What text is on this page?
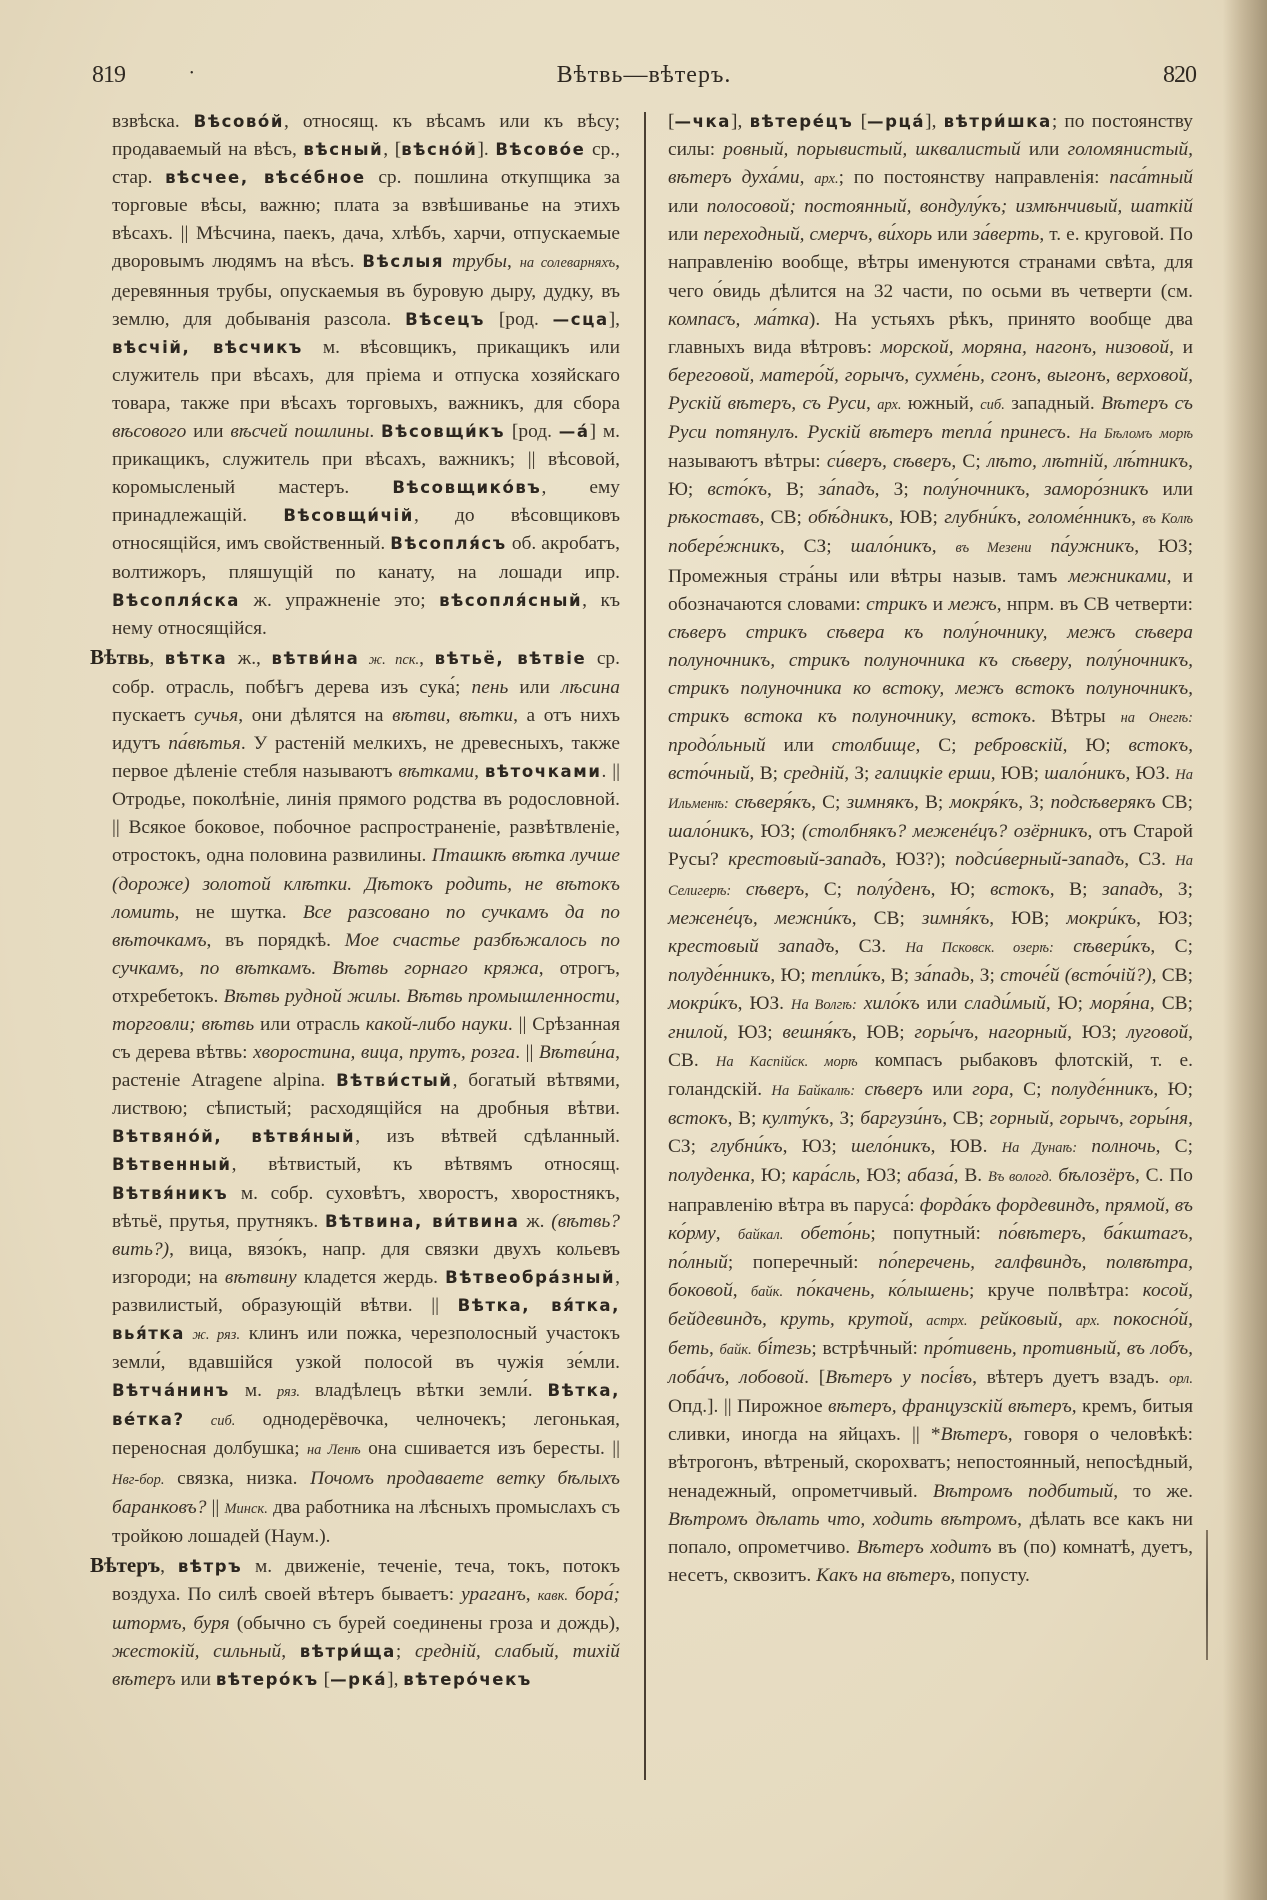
819	•	Вѣтвь—вѣтеръ.	820

взвѣска. Вѣсово́й, относящ. къ вѣсамъ или къ вѣсу; продаваемый на вѣсъ, вѣсный, [вѣсно́й]. Вѣсово́е ср., стар. вѣсчее, вѣсе́бное ср. пошлина откупщика за торговые вѣсы, важню; плата за взвѣшиванье на этихъ вѣсахъ. || Мѣсчина, паекъ, дача, хлѣбъ, харчи, отпускаемые дворовымъ людямъ на вѣсъ. Вѣслыя трубы, на солеварняхъ, деревянныя трубы, опускаемыя въ буровую дыру, дудку, въ землю, для добыванія разсола. Вѣсецъ [род. —сца], вѣсчій, вѣсчикъ м. вѣсовщикъ, прикащикъ или служитель при вѣсахъ, для пріема и отпуска хозяйскаго товара, также при вѣсахъ торговыхъ, важникъ, для сбора вѣсового или вѣсчей пошлины. Вѣсовщи́къ [род. —а́] м. прикащикъ, служитель при вѣсахъ, важникъ; || вѣсовой, коромысленый мастеръ. Вѣсовщико́въ, ему принадлежащій. Вѣсовщи́чій, до вѣсовщиковъ относящійся, имъ свойственный. Вѣсопля́съ об. акробатъ, волтижоръ, пляшущій по канату, на лошади ипр. Вѣсопля́ска ж. упражненіе это; вѣсопля́сный, къ нему относящійся.

Вѣтвь, вѣтка ж., вѣтви́на ж. пск., вѣтьё, вѣтвіе ср. собр. отрасль, побѣгъ дерева изъ сука́; пень или лѣсина пускаетъ сучья, они дѣлятся на вѣтви, вѣтки, а отъ нихъ идутъ па́вѣтья. У растеній мелкихъ, не древесныхъ, также первое дѣленіе стебля называютъ вѣтками, вѣточками. || Отродье, поколѣніе, линія прямого родства въ родословной. || Всякое боковое, побочное распространеніе, развѣтвленіе, отростокъ, одна половина развилины. Пташкѣ вѣтка лучше (дороже) золотой клѣтки. Дѣтокъ родить, не вѣтокъ ломить, не шутка. Все разсовано по сучкамъ да по вѣточкамъ, въ порядкѣ. Мое счастье разбѣжалось по сучкамъ, по вѣткамъ. Вѣтвь горнаго кряжа, отрогъ, отхребетокъ. Вѣтвь рудной жилы. Вѣтвь промышленности, торговли; вѣтвь или отрасль какой-либо науки. || Срѣзанная съ дерева вѣтвь: хворостина, вица, прутъ, розга. || Вѣтви́на, растеніе Atragene alpina. Вѣтви́стый, богатый вѣтвями, листвою; сѣпистый; расходящійся на дробныя вѣтви. Вѣтвяно́й, вѣтвя́ный, изъ вѣтвей сдѣланный. Вѣтвенный, вѣтвистый, къ вѣтвямъ относящ. Вѣтвя́никъ м. собр. суховѣтъ, хворостъ, хворостнякъ, вѣтьё, прутья, прутнякъ. Вѣтвина, ви́твина ж. (вѣтвь? вить?), вица, вязо́къ, напр. для связки двухъ кольевъ изгороди; на вѣтвину кладется жердь. Вѣтвеобра́зный, развилистый, образующій вѣтви. || Вѣтка, вя́тка, вья́тка ж. ряз. клинъ или пожка, черезполосный участокъ земли́, вдавшійся узкой полосой въ чужія зе́мли. Вѣтча́нинъ м. ряз. владѣлецъ вѣтки земли́. Вѣтка, ве́тка? сиб. однодерёвочка, челночекъ; легонькая, переносная долбушка; на Ленѣ она сшивается изъ бересты. || Нвг-бор. связка, низка. Почомъ продаваете ветку бѣлыхъ баранковъ? || Минск. два работника на лѣсныхъ промыслахъ съ тройкою лошадей (Наум.).

Вѣтеръ, вѣтръ м. движеніе, теченіе, теча, токъ, потокъ воздуха. По силѣ своей вѣтеръ бываетъ: ураганъ, кавк. бора́; штормъ, буря (обычно съ бурей соединены гроза и дождь), жестокій, сильный, вѣтри́ща; средній, слабый, тихій вѣтеръ или вѣтеро́къ [—рка́], вѣтеро́чекъ

[—чка], вѣтере́цъ [—рца́], вѣтри́шка; по постоянству силы: ровный, порывистый, шквалистый или голомянистый, вѣтеръ духа́ми, арх.; по постоянству направленія: паса́тный или полосовой; постоянный, вондулу́къ; измѣнчивый, шаткій или переходный, смерчъ, ви́хорь или за́верть, т. е. круговой. По направленію вообще, вѣтры именуются странами свѣта, для чего о́видь дѣлится на 32 части, по осьми въ четверти (см. компасъ, ма́тка). На устьяхъ рѣкъ, принято вообще два главныхъ вида вѣтровъ: морской, моряна, нагонъ, низовой, и береговой, матеро́й, горычъ, сухме́нь, сгонъ, выгонъ, верховой, Рускій вѣтеръ, съ Руси, арх. южный, сиб. западный. Вѣтеръ съ Руси потянулъ. Рускій вѣтеръ тепла́ принесъ. На Бѣломъ морѣ называютъ вѣтры: си́веръ, сѣверъ, С; лѣто, лѣтній, лѣ́тникъ, Ю; всто́къ, В; за́падъ, З; полу́ночникъ, заморо́зникъ или рѣкоставъ, СВ; обѣ́дникъ, ЮВ; глубни́къ, голоме́нникъ, въ Колѣ побере́жникъ, СЗ; шало́никъ, въ Мезени па́ужникъ, ЮЗ; Промежныя стра́ны или вѣтры назыв. тамъ межниками, и обозначаются словами: стрикъ и межъ, нпрм. въ СВ четверти: сѣверъ стрикъ сѣвера къ полу́ночнику, межъ сѣвера полуночникъ, стрикъ полуночника къ сѣверу, полу́ночникъ, стрикъ полуночника ко встоку, межъ встокъ полуночникъ, стрикъ встока къ полуночнику, встокъ. Вѣтры на Онегѣ: продо́льный или столбище, С; ребровскій, Ю; встокъ, всто́чный, В; средній, З; галицкіе ерши, ЮВ; шало́никъ, ЮЗ. На Ильменѣ: сѣверя́къ, С; зимнякъ, В; мокря́къ, З; подсѣверякъ СВ; шало́никъ, ЮЗ; (столбнякъ? меженéцъ? озёрникъ, отъ Старой Русы? крестовый-западъ, ЮЗ?); подси́верный-западъ, СЗ. На Селигерѣ: сѣверъ, С; полу́денъ, Ю; встокъ, В; западъ, З; межене́цъ, межни́къ, СВ; зимня́къ, ЮВ; мокри́къ, ЮЗ; крестовый западъ, СЗ. На Псковск. озерѣ: сѣвери́къ, С; полуде́нникъ, Ю; тепли́къ, В; за́падь, З; сточе́й (всто́чій?), СВ; мокри́къ, ЮЗ. На Волгѣ: хило́къ или слади́мый, Ю; моря́на, СВ; гнилой, ЮЗ; вешня́къ, ЮВ; горы́чъ, нагорный, ЮЗ; луговой, СВ. На Каспійск. морѣ компасъ рыбаковъ флотскій, т. е. голандскій. На Байкалѣ: сѣверъ или гора, С; полуде́нникъ, Ю; встокъ, В; култу́къ, З; баргузи́нъ, СВ; горный, горычъ, горы́ня, СЗ; глубни́къ, ЮЗ; шело́никъ, ЮВ. На Дунаѣ: полночь, С; полуденка, Ю; кара́сль, ЮЗ; абаза́, В. Въ вологд. бѣлозёръ, С. По направленію вѣтра въ паруса́: форда́къ фордевиндъ, прямой, въ ко́рму, байкал. обето́нь; попутный: по́вѣтеръ, ба́кштагъ, по́лный; поперечный: по́перечень, галфвиндъ, полвѣтра, боковой, байк. по́качень, ко́лышень; круче полвѣтра: косой, бейдевиндъ, круть, крутой, астрх. рейковый, арх. покосно́й, беть, байк. бі́тезь; встрѣчный: про́тивень, противный, въ лобъ, лоба́чъ, лобовой. [Вѣтеръ у посі́въ, вѣтеръ дуетъ взадъ. орл. Опд.]. || Пирожное вѣтеръ, французскій вѣтеръ, кремъ, битыя сливки, иногда на яйцахъ. || *Вѣтеръ, говоря о человѣкѣ: вѣтрогонъ, вѣтреный, скорохватъ; непостоянный, непосѣдный, ненадежный, опрометчивый. Вѣтромъ подбитый, то же. Вѣтромъ дѣлать что, ходить вѣтромъ, дѣлать все какъ ни попало, опрометчиво. Вѣтеръ ходитъ въ (по) комнатѣ, дуетъ, несетъ, сквозитъ. Какъ на вѣтеръ, попусту.
